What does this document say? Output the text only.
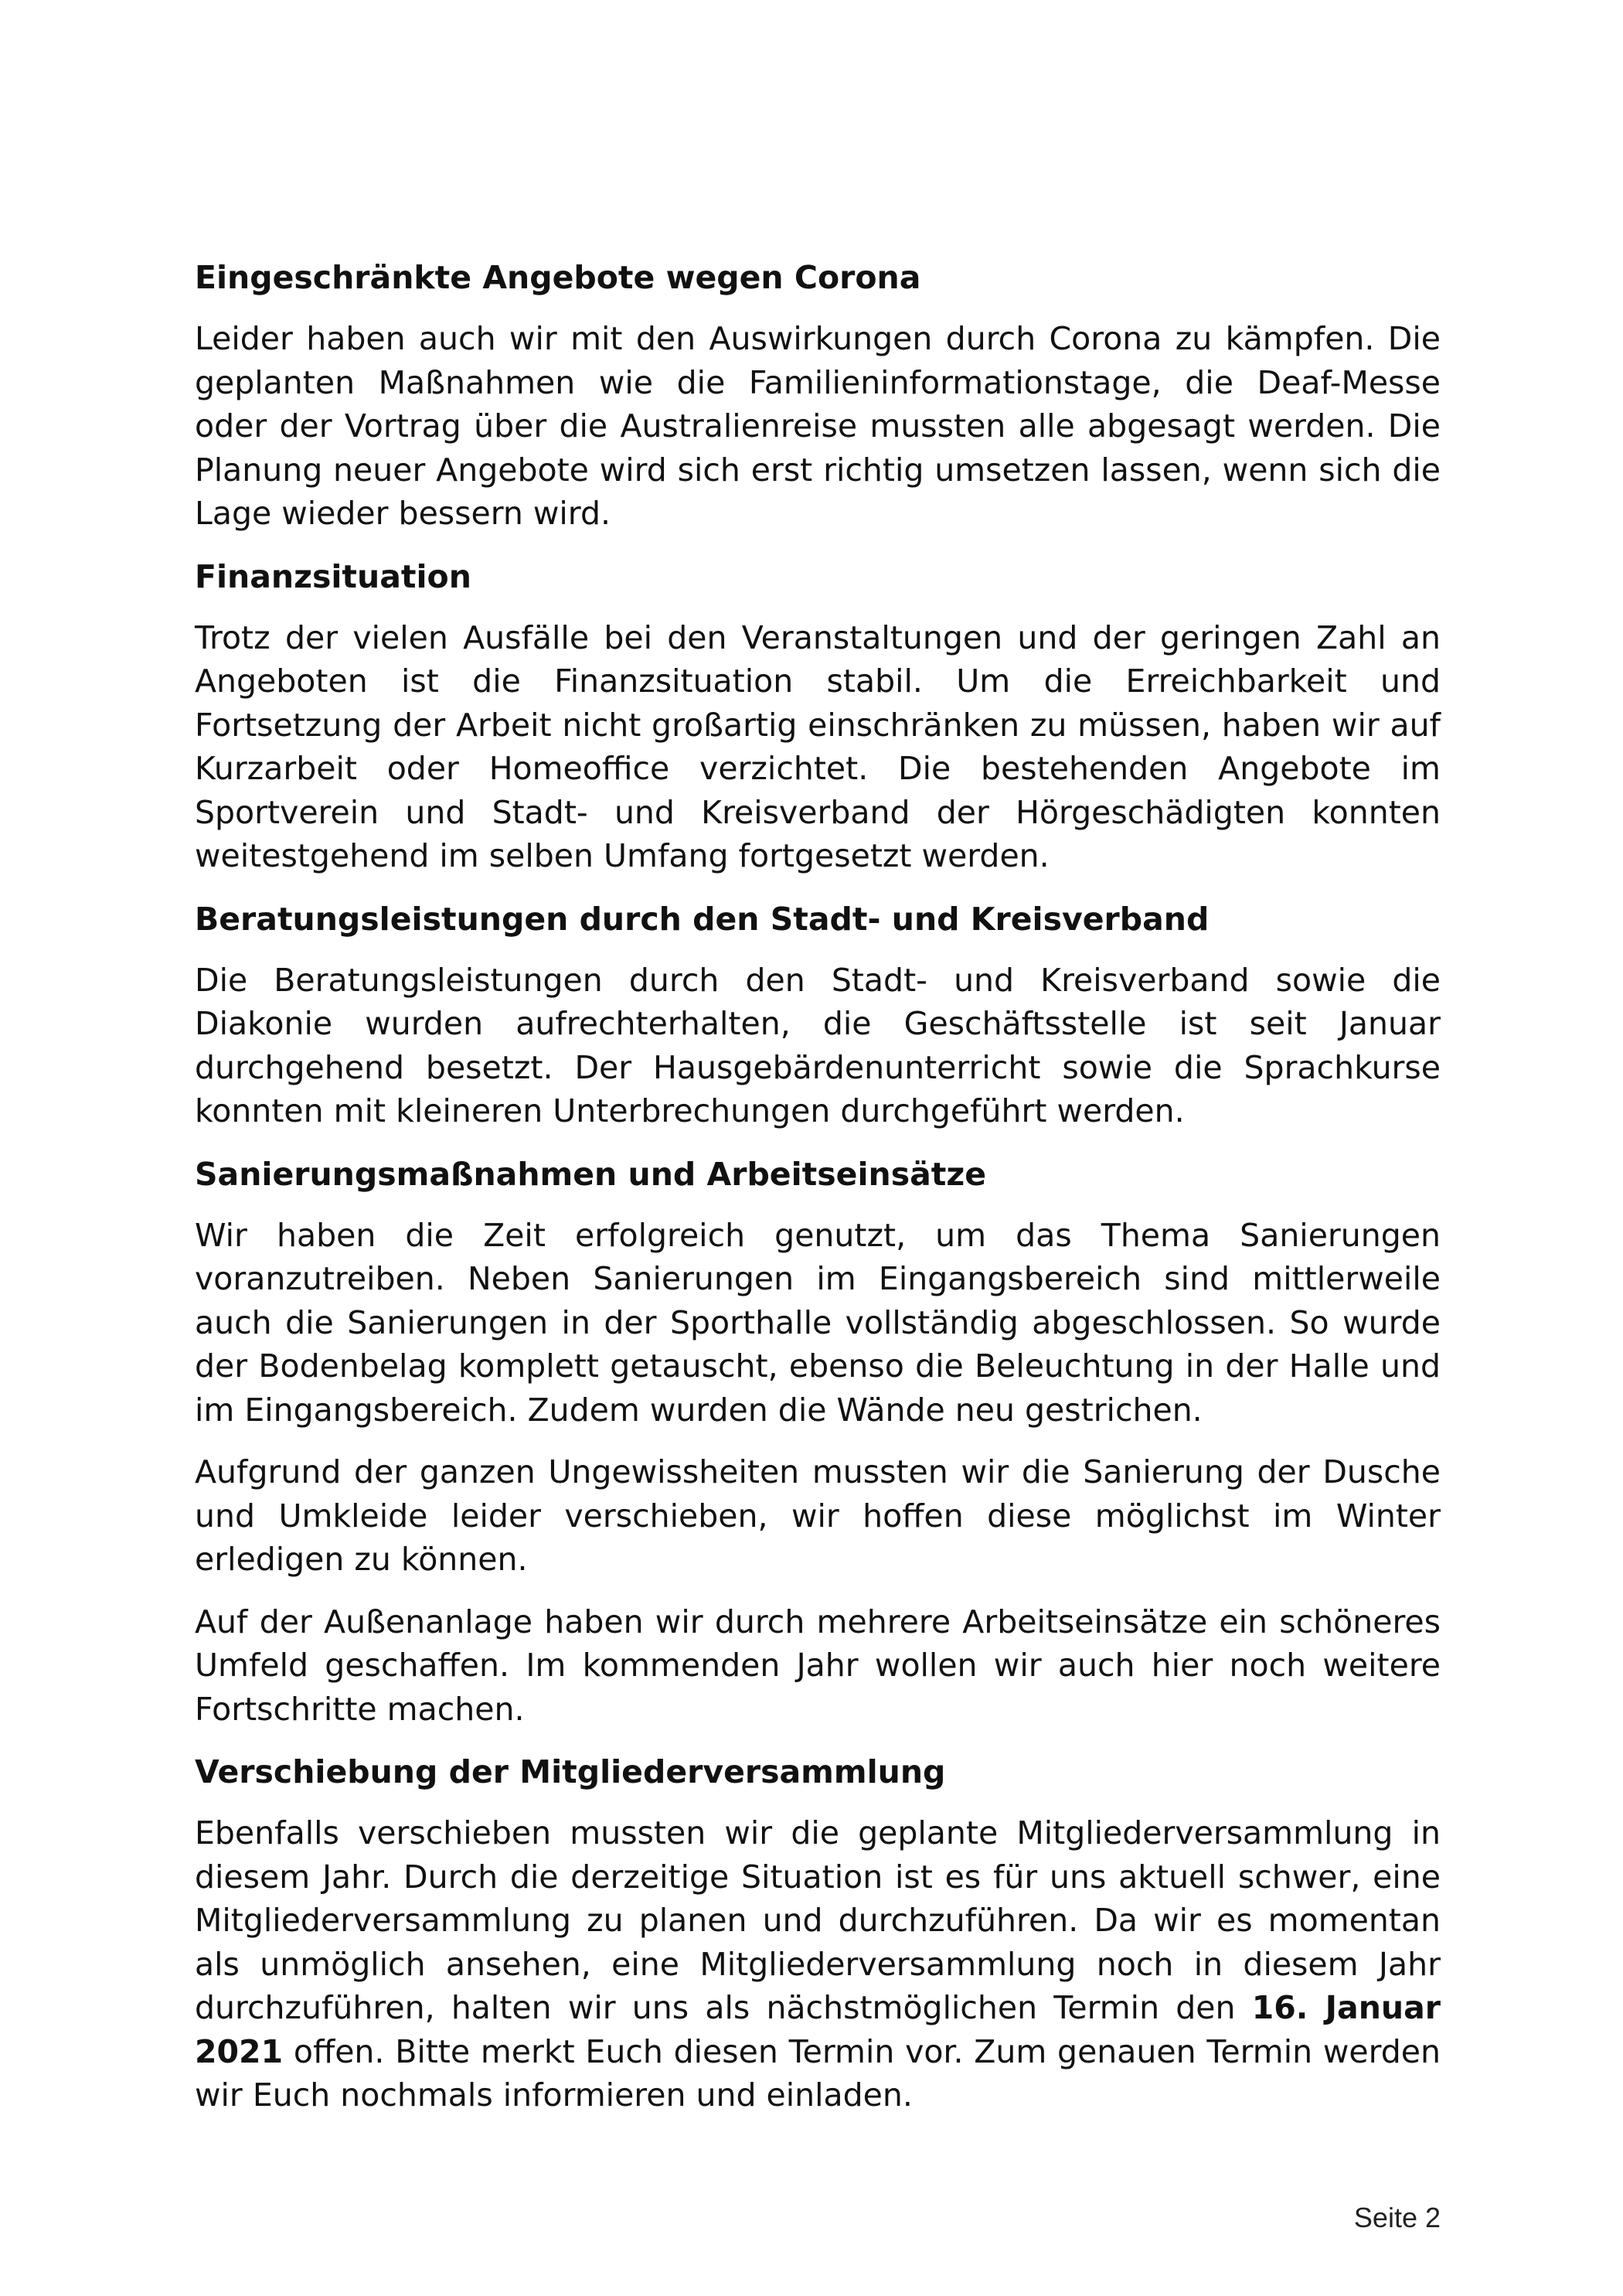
Eingeschränkte Angebote wegen Corona

Leider haben auch wir mit den Auswirkungen durch Corona zu kämpfen. Die geplanten Maßnahmen wie die Familieninformationstage, die Deaf-Messe oder der Vortrag über die Australienreise mussten alle abgesagt werden. Die Planung neuer Angebote wird sich erst richtig umsetzen lassen, wenn sich die Lage wieder bessern wird.

Finanzsituation

Trotz der vielen Ausfälle bei den Veranstaltungen und der geringen Zahl an Angeboten ist die Finanzsituation stabil. Um die Erreichbarkeit und Fortsetzung der Arbeit nicht großartig einschränken zu müssen, haben wir auf Kurzarbeit oder Homeoffice verzichtet. Die bestehenden Angebote im Sportverein und Stadt- und Kreisverband der Hörgeschädigten konnten weitestgehend im selben Umfang fortgesetzt werden.

Beratungsleistungen durch den Stadt- und Kreisverband

Die Beratungsleistungen durch den Stadt- und Kreisverband sowie die Diakonie wurden aufrechterhalten, die Geschäftsstelle ist seit Januar durchgehend besetzt. Der Hausgebärdenunterricht sowie die Sprachkurse konnten mit kleineren Unterbrechungen durchgeführt werden.

Sanierungsmaßnahmen und Arbeitseinsätze

Wir haben die Zeit erfolgreich genutzt, um das Thema Sanierungen voranzutreiben. Neben Sanierungen im Eingangsbereich sind mittlerweile auch die Sanierungen in der Sporthalle vollständig abgeschlossen. So wurde der Bodenbelag komplett getauscht, ebenso die Beleuchtung in der Halle und im Eingangsbereich. Zudem wurden die Wände neu gestrichen.

Aufgrund der ganzen Ungewissheiten mussten wir die Sanierung der Dusche und Umkleide leider verschieben, wir hoffen diese möglichst im Winter erledigen zu können.

Auf der Außenanlage haben wir durch mehrere Arbeitseinsätze ein schöneres Umfeld geschaffen. Im kommenden Jahr wollen wir auch hier noch weitere Fortschritte machen.

Verschiebung der Mitgliederversammlung

Ebenfalls verschieben mussten wir die geplante Mitgliederversammlung in diesem Jahr. Durch die derzeitige Situation ist es für uns aktuell schwer, eine Mitgliederversammlung zu planen und durchzuführen. Da wir es momentan als unmöglich ansehen, eine Mitgliederversammlung noch in diesem Jahr durchzuführen, halten wir uns als nächstmöglichen Termin den 16. Januar 2021 offen. Bitte merkt Euch diesen Termin vor. Zum genauen Termin werden wir Euch nochmals informieren und einladen.

Seite 2
